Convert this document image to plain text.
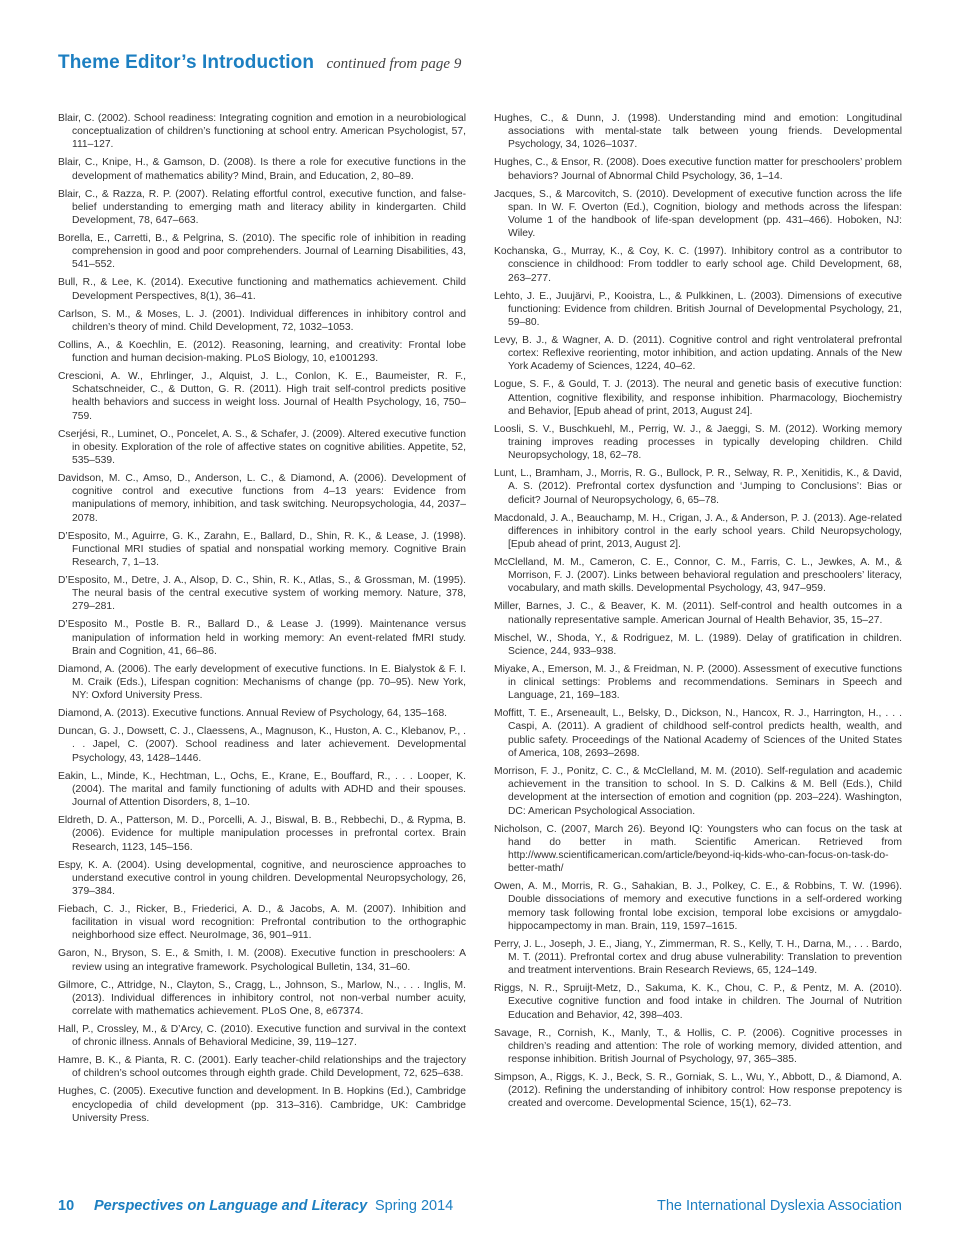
Theme Editor’s Introduction continued from page 9

Blair, C. (2002). School readiness: Integrating cognition and emotion in a neurobiological conceptualization of children’s functioning at school entry. American Psychologist, 57, 111–127.

Blair, C., Knipe, H., & Gamson, D. (2008). Is there a role for executive functions in the development of mathematics ability? Mind, Brain, and Education, 2, 80–89.

Blair, C., & Razza, R. P. (2007). Relating effortful control, executive function, and false-belief understanding to emerging math and literacy ability in kindergarten. Child Development, 78, 647–663.

Borella, E., Carretti, B., & Pelgrina, S. (2010). The specific role of inhibition in reading comprehension in good and poor comprehenders. Journal of Learning Disabilities, 43, 541–552.

Bull, R., & Lee, K. (2014). Executive functioning and mathematics achievement. Child Development Perspectives, 8(1), 36–41.

Carlson, S. M., & Moses, L. J. (2001). Individual differences in inhibitory control and children’s theory of mind. Child Development, 72, 1032–1053.

Collins, A., & Koechlin, E. (2012). Reasoning, learning, and creativity: Frontal lobe function and human decision-making. PLoS Biology, 10, e1001293.

Crescioni, A. W., Ehrlinger, J., Alquist, J. L., Conlon, K. E., Baumeister, R. F., Schatschneider, C., & Dutton, G. R. (2011). High trait self-control predicts positive health behaviors and success in weight loss. Journal of Health Psychology, 16, 750–759.

Cserjési, R., Luminet, O., Poncelet, A. S., & Schafer, J. (2009). Altered executive function in obesity. Exploration of the role of affective states on cognitive abilities. Appetite, 52, 535–539.

Davidson, M. C., Amso, D., Anderson, L. C., & Diamond, A. (2006). Development of cognitive control and executive functions from 4–13 years: Evidence from manipulations of memory, inhibition, and task switching. Neuropsychologia, 44, 2037–2078.

D’Esposito, M., Aguirre, G. K., Zarahn, E., Ballard, D., Shin, R. K., & Lease, J. (1998). Functional MRI studies of spatial and nonspatial working memory. Cognitive Brain Research, 7, 1–13.

D’Esposito, M., Detre, J. A., Alsop, D. C., Shin, R. K., Atlas, S., & Grossman, M. (1995). The neural basis of the central executive system of working memory. Nature, 378, 279–281.

D’Esposito M., Postle B. R., Ballard D., & Lease J. (1999). Maintenance versus manipulation of information held in working memory: An event-related fMRI study. Brain and Cognition, 41, 66–86.

Diamond, A. (2006). The early development of executive functions. In E. Bialystok & F. I. M. Craik (Eds.), Lifespan cognition: Mechanisms of change (pp. 70–95). New York, NY: Oxford University Press.

Diamond, A. (2013). Executive functions. Annual Review of Psychology, 64, 135–168.

Duncan, G. J., Dowsett, C. J., Claessens, A., Magnuson, K., Huston, A. C., Klebanov, P., . . . Japel, C. (2007). School readiness and later achievement. Developmental Psychology, 43, 1428–1446.

Eakin, L., Minde, K., Hechtman, L., Ochs, E., Krane, E., Bouffard, R., . . . Looper, K. (2004). The marital and family functioning of adults with ADHD and their spouses. Journal of Attention Disorders, 8, 1–10.

Eldreth, D. A., Patterson, M. D., Porcelli, A. J., Biswal, B. B., Rebbechi, D., & Rypma, B. (2006). Evidence for multiple manipulation processes in prefrontal cortex. Brain Research, 1123, 145–156.

Espy, K. A. (2004). Using developmental, cognitive, and neuroscience approaches to understand executive control in young children. Developmental Neuropsychology, 26, 379–384.

Fiebach, C. J., Ricker, B., Friederici, A. D., & Jacobs, A. M. (2007). Inhibition and facilitation in visual word recognition: Prefrontal contribution to the orthographic neighborhood size effect. NeuroImage, 36, 901–911.

Garon, N., Bryson, S. E., & Smith, I. M. (2008). Executive function in preschoolers: A review using an integrative framework. Psychological Bulletin, 134, 31–60.

Gilmore, C., Attridge, N., Clayton, S., Cragg, L., Johnson, S., Marlow, N., . . . Inglis, M. (2013). Individual differences in inhibitory control, not non-verbal number acuity, correlate with mathematics achievement. PLoS One, 8, e67374.

Hall, P., Crossley, M., & D’Arcy, C. (2010). Executive function and survival in the context of chronic illness. Annals of Behavioral Medicine, 39, 119–127.

Hamre, B. K., & Pianta, R. C. (2001). Early teacher-child relationships and the trajectory of children’s school outcomes through eighth grade. Child Development, 72, 625–638.

Hughes, C. (2005). Executive function and development. In B. Hopkins (Ed.), Cambridge encyclopedia of child development (pp. 313–316). Cambridge, UK: Cambridge University Press.

Hughes, C., & Dunn, J. (1998). Understanding mind and emotion: Longitudinal associations with mental-state talk between young friends. Developmental Psychology, 34, 1026–1037.

Hughes, C., & Ensor, R. (2008). Does executive function matter for preschoolers’ problem behaviors? Journal of Abnormal Child Psychology, 36, 1–14.

Jacques, S., & Marcovitch, S. (2010). Development of executive function across the life span. In W. F. Overton (Ed.), Cognition, biology and methods across the lifespan: Volume 1 of the handbook of life-span development (pp. 431–466). Hoboken, NJ: Wiley.

Kochanska, G., Murray, K., & Coy, K. C. (1997). Inhibitory control as a contributor to conscience in childhood: From toddler to early school age. Child Development, 68, 263–277.

Lehto, J. E., Juujärvi, P., Kooistra, L., & Pulkkinen, L. (2003). Dimensions of executive functioning: Evidence from children. British Journal of Developmental Psychology, 21, 59–80.

Levy, B. J., & Wagner, A. D. (2011). Cognitive control and right ventrolateral prefrontal cortex: Reflexive reorienting, motor inhibition, and action updating. Annals of the New York Academy of Sciences, 1224, 40–62.

Logue, S. F., & Gould, T. J. (2013). The neural and genetic basis of executive function: Attention, cognitive flexibility, and response inhibition. Pharmacology, Biochemistry and Behavior, [Epub ahead of print, 2013, August 24].

Loosli, S. V., Buschkuehl, M., Perrig, W. J., & Jaeggi, S. M. (2012). Working memory training improves reading processes in typically developing children. Child Neuropsychology, 18, 62–78.

Lunt, L., Bramham, J., Morris, R. G., Bullock, P. R., Selway, R. P., Xenitidis, K., & David, A. S. (2012). Prefrontal cortex dysfunction and ‘Jumping to Conclusions’: Bias or deficit? Journal of Neuropsychology, 6, 65–78.

Macdonald, J. A., Beauchamp, M. H., Crigan, J. A., & Anderson, P. J. (2013). Age-related differences in inhibitory control in the early school years. Child Neuropsychology, [Epub ahead of print, 2013, August 2].

McClelland, M. M., Cameron, C. E., Connor, C. M., Farris, C. L., Jewkes, A. M., & Morrison, F. J. (2007). Links between behavioral regulation and preschoolers’ literacy, vocabulary, and math skills. Developmental Psychology, 43, 947–959.

Miller, Barnes, J. C., & Beaver, K. M. (2011). Self-control and health outcomes in a nationally representative sample. American Journal of Health Behavior, 35, 15–27.

Mischel, W., Shoda, Y., & Rodriguez, M. L. (1989). Delay of gratification in children. Science, 244, 933–938.

Miyake, A., Emerson, M. J., & Freidman, N. P. (2000). Assessment of executive functions in clinical settings: Problems and recommendations. Seminars in Speech and Language, 21, 169–183.

Moffitt, T. E., Arseneault, L., Belsky, D., Dickson, N., Hancox, R. J., Harrington, H., . . . Caspi, A. (2011). A gradient of childhood self-control predicts health, wealth, and public safety. Proceedings of the National Academy of Sciences of the United States of America, 108, 2693–2698.

Morrison, F. J., Ponitz, C. C., & McClelland, M. M. (2010). Self-regulation and academic achievement in the transition to school. In S. D. Calkins & M. Bell (Eds.), Child development at the intersection of emotion and cognition (pp. 203–224). Washington, DC: American Psychological Association.

Nicholson, C. (2007, March 26). Beyond IQ: Youngsters who can focus on the task at hand do better in math. Scientific American. Retrieved from http://www.scientificamerican.com/article/beyond-iq-kids-who-can-focus-on-task-do-better-math/

Owen, A. M., Morris, R. G., Sahakian, B. J., Polkey, C. E., & Robbins, T. W. (1996). Double dissociations of memory and executive functions in a self-ordered working memory task following frontal lobe excision, temporal lobe excisions or amygdalo-hippocampectomy in man. Brain, 119, 1597–1615.

Perry, J. L., Joseph, J. E., Jiang, Y., Zimmerman, R. S., Kelly, T. H., Darna, M., . . . Bardo, M. T. (2011). Prefrontal cortex and drug abuse vulnerability: Translation to prevention and treatment interventions. Brain Research Reviews, 65, 124–149.

Riggs, N. R., Spruijt-Metz, D., Sakuma, K. K., Chou, C. P., & Pentz, M. A. (2010). Executive cognitive function and food intake in children. The Journal of Nutrition Education and Behavior, 42, 398–403.

Savage, R., Cornish, K., Manly, T., & Hollis, C. P. (2006). Cognitive processes in children’s reading and attention: The role of working memory, divided attention, and response inhibition. British Journal of Psychology, 97, 365–385.

Simpson, A., Riggs, K. J., Beck, S. R., Gorniak, S. L., Wu, Y., Abbott, D., & Diamond, A. (2012). Refining the understanding of inhibitory control: How response prepotency is created and overcome. Developmental Science, 15(1), 62–73.

10 Perspectives on Language and Literacy Spring 2014	The International Dyslexia Association
